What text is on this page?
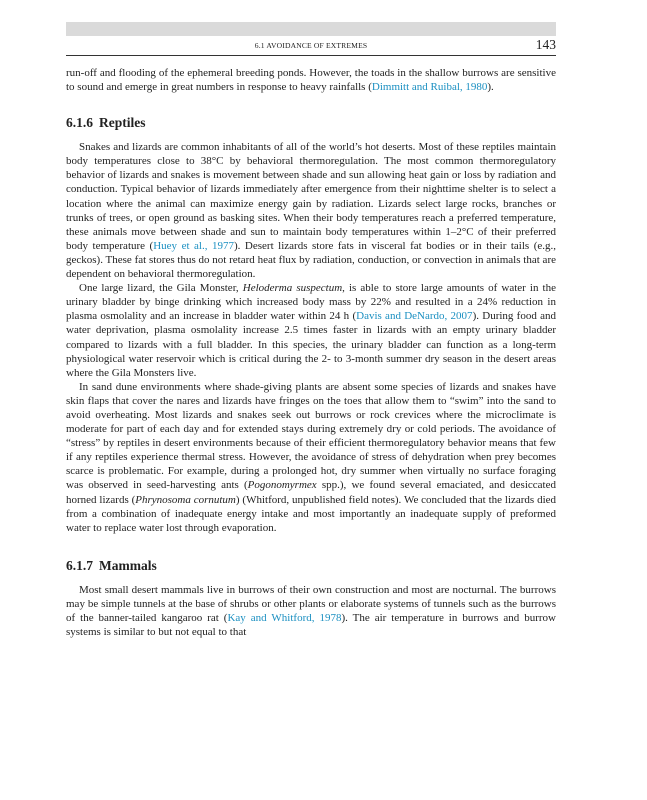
6.1 AVOIDANCE OF EXTREMES	143

run-off and flooding of the ephemeral breeding ponds. However, the toads in the shallow burrows are sensitive to sound and emerge in great numbers in response to heavy rainfalls (Dimmitt and Ruibal, 1980).

6.1.6 Reptiles

Snakes and lizards are common inhabitants of all of the world’s hot deserts. Most of these reptiles maintain body temperatures close to 38°C by behavioral thermoregulation. The most common thermoregulatory behavior of lizards and snakes is movement between shade and sun allowing heat gain or loss by radiation and conduction. Typical behavior of lizards immediately after emergence from their nighttime shelter is to select a location where the animal can maximize energy gain by radiation. Lizards select large rocks, branches or trunks of trees, or open ground as basking sites. When their body temperatures reach a preferred temperature, these animals move between shade and sun to maintain body temperatures within 1–2°C of their preferred body temperature (Huey et al., 1977). Desert lizards store fats in visceral fat bodies or in their tails (e.g., geckos). These fat stores thus do not retard heat flux by radiation, conduction, or convection in animals that are dependent on behavioral thermoregulation.

One large lizard, the Gila Monster, Heloderma suspectum, is able to store large amounts of water in the urinary bladder by binge drinking which increased body mass by 22% and resulted in a 24% reduction in plasma osmolality and an increase in bladder water within 24 h (Davis and DeNardo, 2007). During food and water deprivation, plasma osmolality increase 2.5 times faster in lizards with an empty urinary bladder compared to lizards with a full bladder. In this species, the urinary bladder can function as a long-term physiological water reservoir which is critical during the 2- to 3-month summer dry season in the desert areas where the Gila Monsters live.

In sand dune environments where shade-giving plants are absent some species of lizards and snakes have skin flaps that cover the nares and lizards have fringes on the toes that allow them to “swim” into the sand to avoid overheating. Most lizards and snakes seek out burrows or rock crevices where the microclimate is moderate for part of each day and for extended stays during extremely dry or cold periods. The avoidance of “stress” by reptiles in desert environments because of their efficient thermoregulatory behavior means that few if any reptiles experience thermal stress. However, the avoidance of stress of dehydration when prey becomes scarce is problematic. For example, during a prolonged hot, dry summer when virtually no surface foraging was observed in seed-harvesting ants (Pogonomyrmex spp.), we found several emaciated, and desiccated horned lizards (Phrynosoma cornutum) (Whitford, unpublished field notes). We concluded that the lizards died from a combination of inadequate energy intake and most importantly an inadequate supply of preformed water to replace water lost through evaporation.

6.1.7 Mammals

Most small desert mammals live in burrows of their own construction and most are nocturnal. The burrows may be simple tunnels at the base of shrubs or other plants or elaborate systems of tunnels such as the burrows of the banner-tailed kangaroo rat (Kay and Whitford, 1978). The air temperature in burrows and burrow systems is similar to but not equal to that
